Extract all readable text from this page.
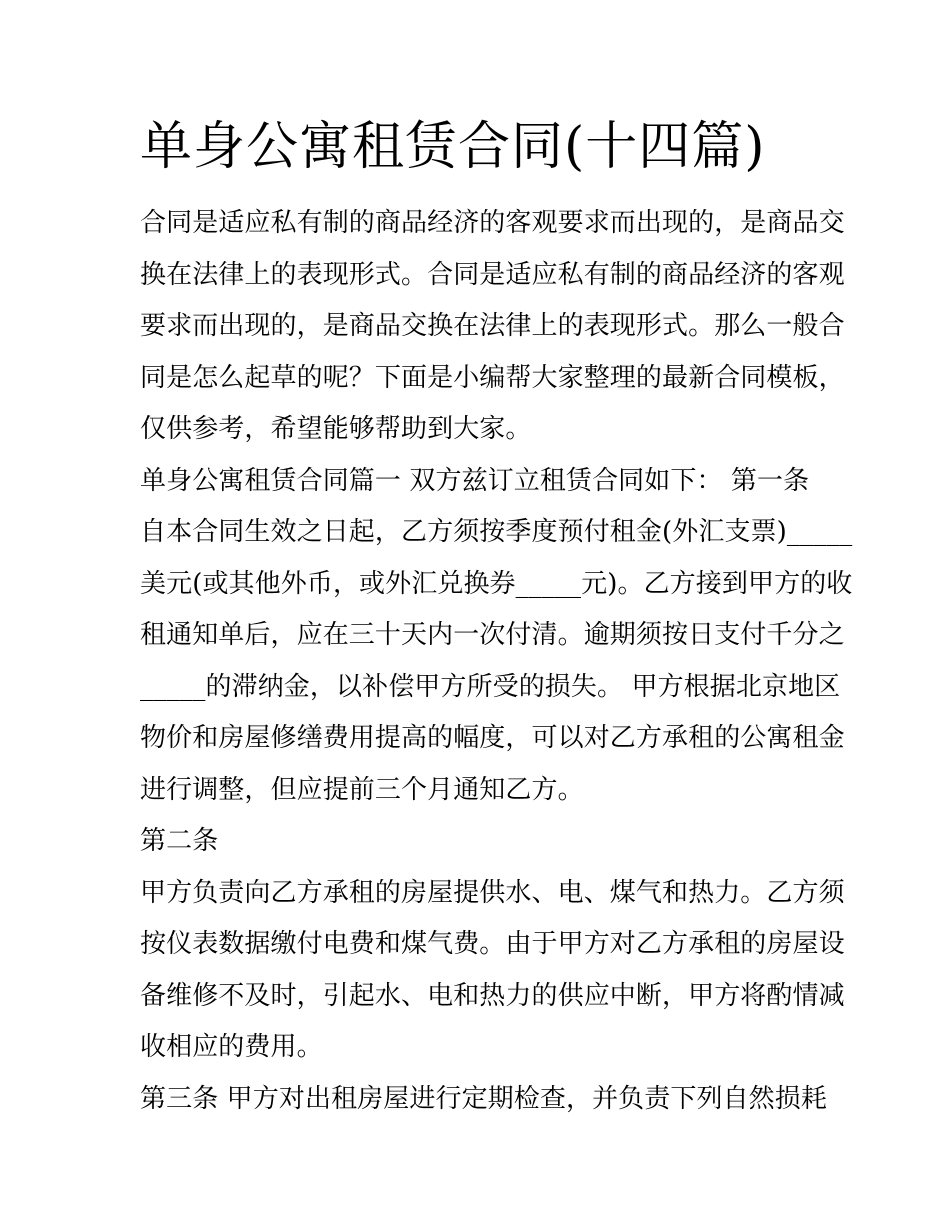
单身公寓租赁合同(十四篇)
合同是适应私有制的商品经济的客观要求而出现的，是商品交
换在法律上的表现形式。合同是适应私有制的商品经济的客观
要求而出现的，是商品交换在法律上的表现形式。那么一般合
同是怎么起草的呢？下面是小编帮大家整理的最新合同模板，
仅供参考，希望能够帮助到大家。
单身公寓租赁合同篇一 双方兹订立租赁合同如下： 第一条
自本合同生效之日起，乙方须按季度预付租金(外汇支票)_____
美元(或其他外币，或外汇兑换券_____元)。乙方接到甲方的收
租通知单后，应在三十天内一次付清。逾期须按日支付千分之
_____的滞纳金，以补偿甲方所受的损失。 甲方根据北京地区
物价和房屋修缮费用提高的幅度，可以对乙方承租的公寓租金
进行调整，但应提前三个月通知乙方。
第二条
甲方负责向乙方承租的房屋提供水、电、煤气和热力。乙方须
按仪表数据缴付电费和煤气费。由于甲方对乙方承租的房屋设
备维修不及时，引起水、电和热力的供应中断，甲方将酌情减
收相应的费用。
第三条 甲方对出租房屋进行定期检查，并负责下列自然损耗
